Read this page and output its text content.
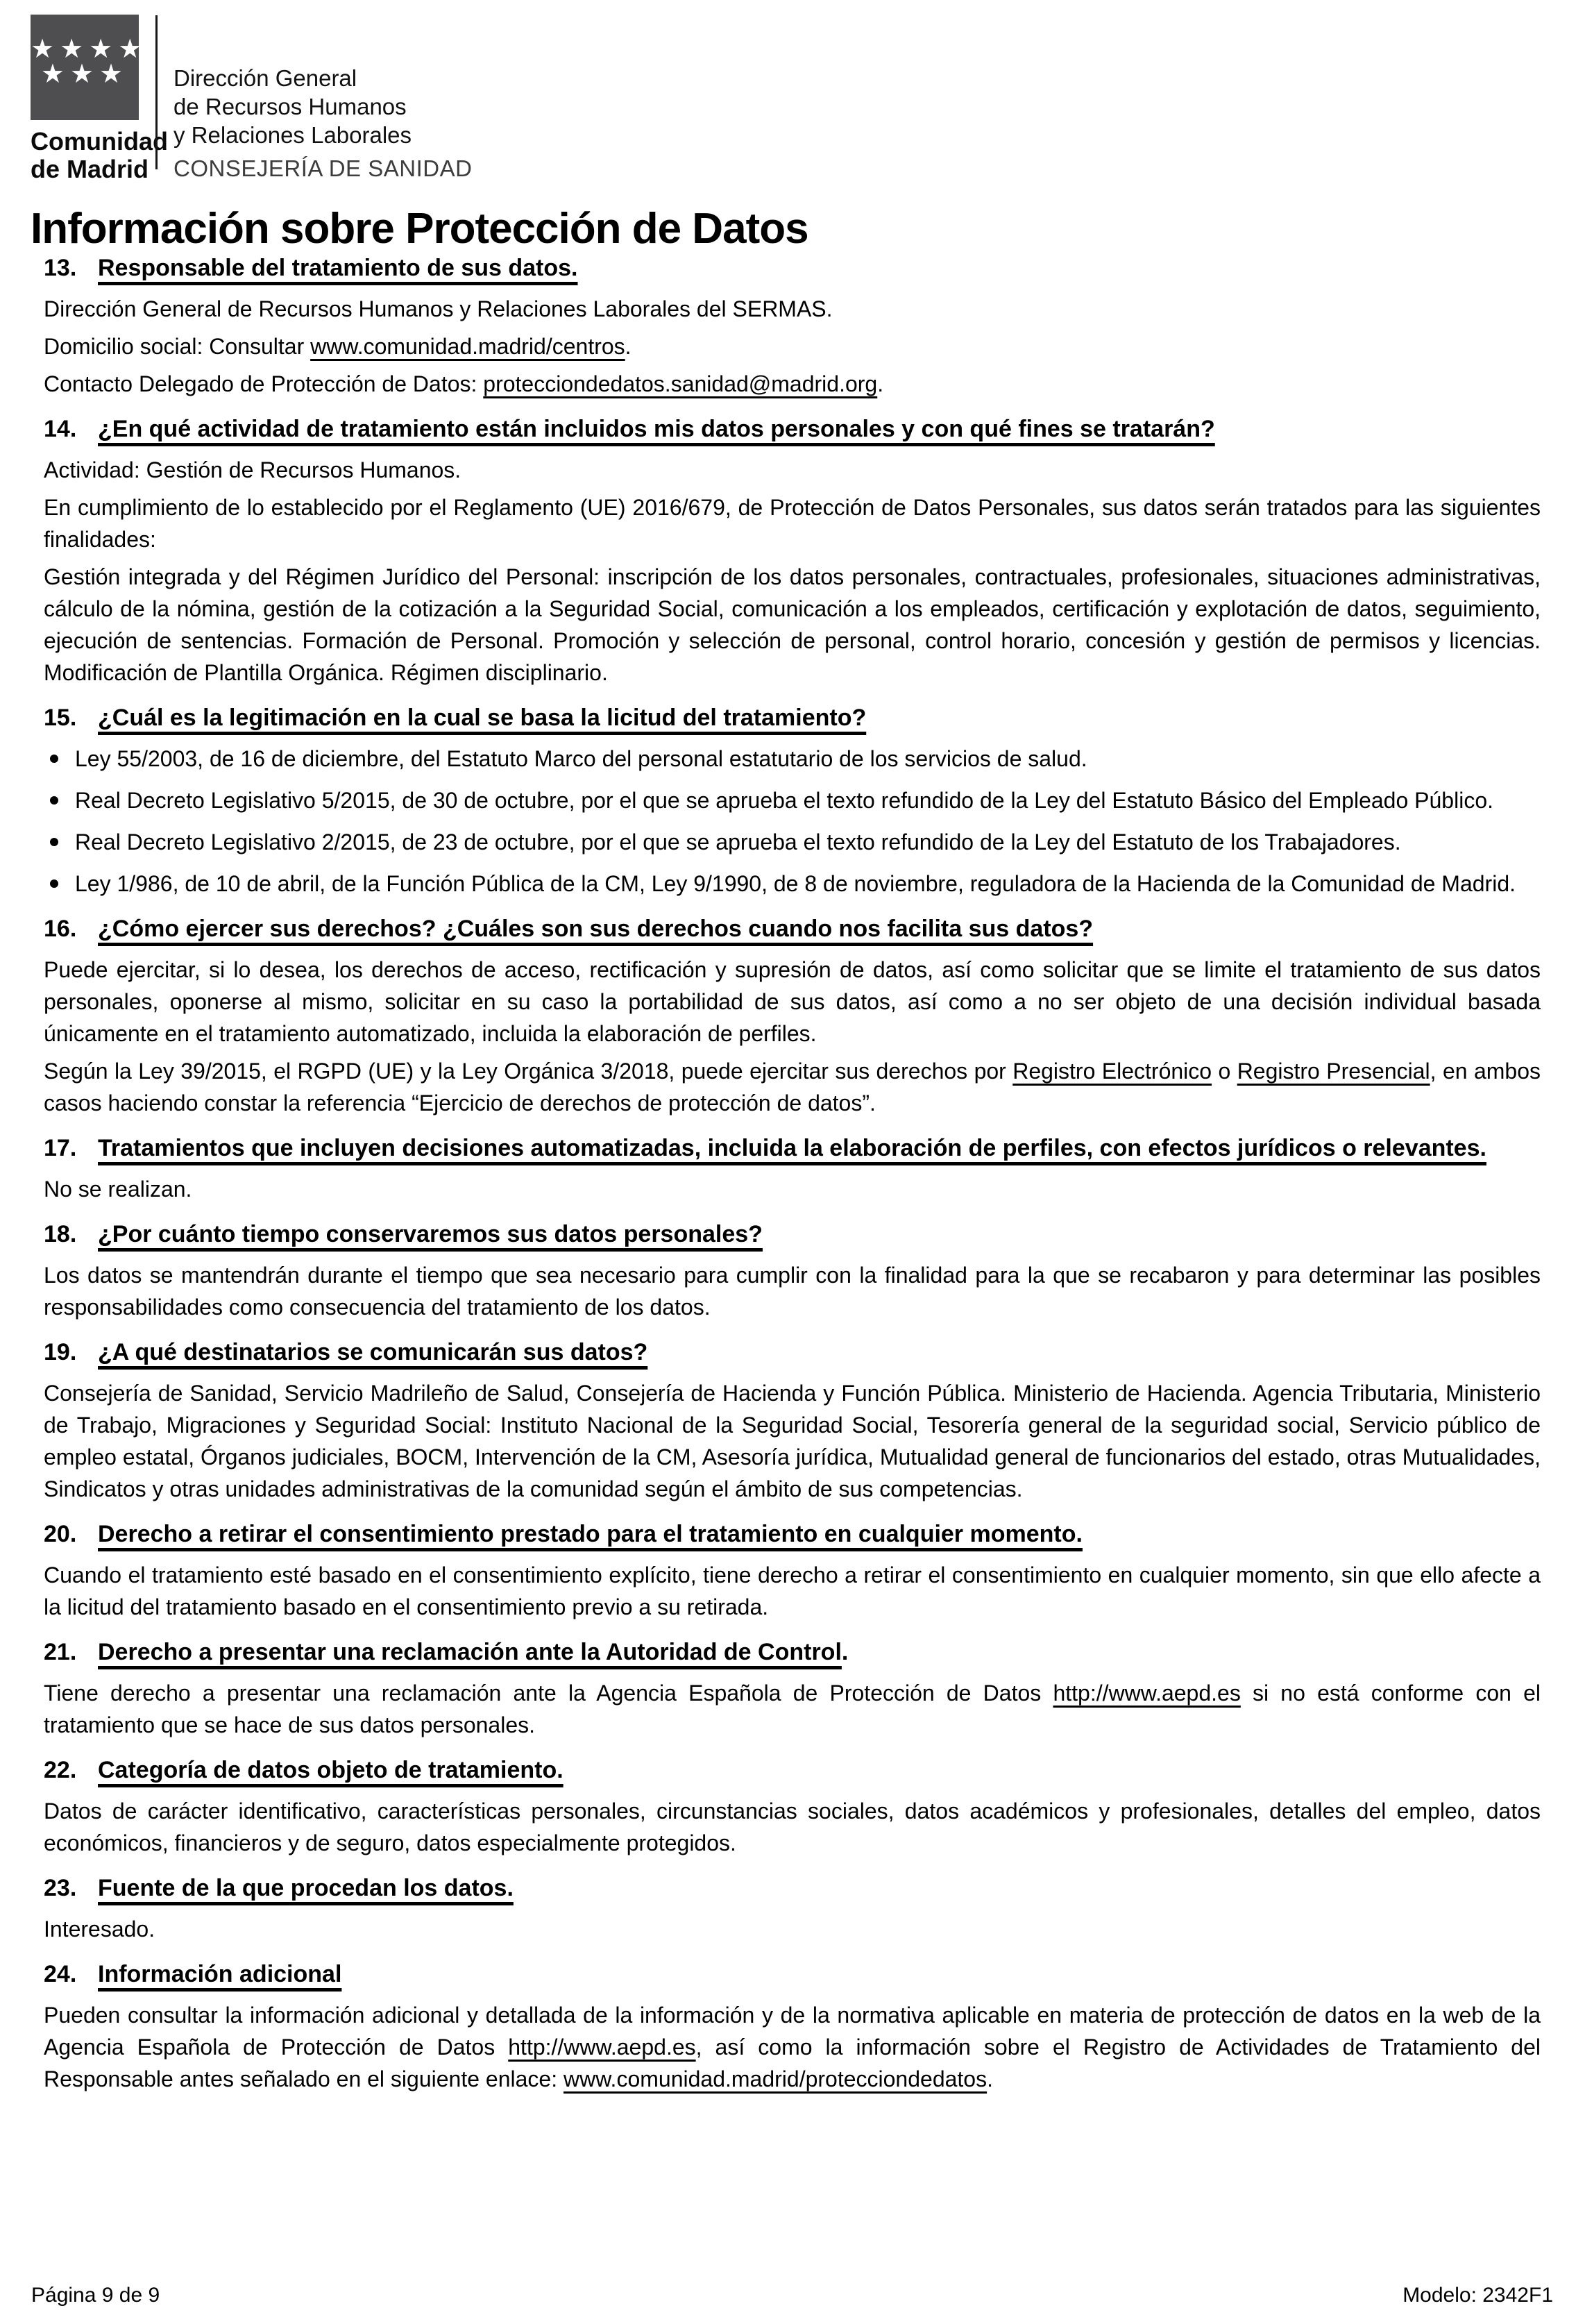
★★★★
★★★
Comunidad
de Madrid
Dirección General
de Recursos Humanos
y Relaciones Laborales
CONSEJERÍA DE SANIDAD
Información sobre Protección de Datos
13. Responsable del tratamiento de sus datos.

Dirección General de Recursos Humanos y Relaciones Laborales del SERMAS.

Domicilio social: Consultar www.comunidad.madrid/centros.

Contacto Delegado de Protección de Datos: protecciondedatos.sanidad@madrid.org.

14. ¿En qué actividad de tratamiento están incluidos mis datos personales y con qué fines se tratarán?

Actividad: Gestión de Recursos Humanos.

En cumplimiento de lo establecido por el Reglamento (UE) 2016/679, de Protección de Datos Personales, sus datos serán tratados para las siguientes finalidades:

Gestión integrada y del Régimen Jurídico del Personal: inscripción de los datos personales, contractuales, profesionales, situaciones administrativas, cálculo de la nómina, gestión de la cotización a la Seguridad Social, comunicación a los empleados, certificación y explotación de datos, seguimiento, ejecución de sentencias. Formación de Personal. Promoción y selección de personal, control horario, concesión y gestión de permisos y licencias. Modificación de Plantilla Orgánica. Régimen disciplinario.

15. ¿Cuál es la legitimación en la cual se basa la licitud del tratamiento?
Ley 55/2003, de 16 de diciembre, del Estatuto Marco del personal estatutario de los servicios de salud.
Real Decreto Legislativo 5/2015, de 30 de octubre, por el que se aprueba el texto refundido de la Ley del Estatuto Básico del Empleado Público.
Real Decreto Legislativo 2/2015, de 23 de octubre, por el que se aprueba el texto refundido de la Ley del Estatuto de los Trabajadores.
Ley 1/986, de 10 de abril, de la Función Pública de la CM, Ley 9/1990, de 8 de noviembre, reguladora de la Hacienda de la Comunidad de Madrid.
16. ¿Cómo ejercer sus derechos? ¿Cuáles son sus derechos cuando nos facilita sus datos?

Puede ejercitar, si lo desea, los derechos de acceso, rectificación y supresión de datos, así como solicitar que se limite el tratamiento de sus datos personales, oponerse al mismo, solicitar en su caso la portabilidad de sus datos, así como a no ser objeto de una decisión individual basada únicamente en el tratamiento automatizado, incluida la elaboración de perfiles.

Según la Ley 39/2015, el RGPD (UE) y la Ley Orgánica 3/2018, puede ejercitar sus derechos por Registro Electrónico o Registro Presencial, en ambos casos haciendo constar la referencia “Ejercicio de derechos de protección de datos”.

17. Tratamientos que incluyen decisiones automatizadas, incluida la elaboración de perfiles, con efectos jurídicos o relevantes.

No se realizan.

18. ¿Por cuánto tiempo conservaremos sus datos personales?

Los datos se mantendrán durante el tiempo que sea necesario para cumplir con la finalidad para la que se recabaron y para determinar las posibles responsabilidades como consecuencia del tratamiento de los datos.

19. ¿A qué destinatarios se comunicarán sus datos?

Consejería de Sanidad, Servicio Madrileño de Salud, Consejería de Hacienda y Función Pública. Ministerio de Hacienda. Agencia Tributaria, Ministerio de Trabajo, Migraciones y Seguridad Social: Instituto Nacional de la Seguridad Social, Tesorería general de la seguridad social, Servicio público de empleo estatal, Órganos judiciales, BOCM, Intervención de la CM, Asesoría jurídica, Mutualidad general de funcionarios del estado, otras Mutualidades, Sindicatos y otras unidades administrativas de la comunidad según el ámbito de sus competencias.

20. Derecho a retirar el consentimiento prestado para el tratamiento en cualquier momento.

Cuando el tratamiento esté basado en el consentimiento explícito, tiene derecho a retirar el consentimiento en cualquier momento, sin que ello afecte a la licitud del tratamiento basado en el consentimiento previo a su retirada.

21. Derecho a presentar una reclamación ante la Autoridad de Control.

Tiene derecho a presentar una reclamación ante la Agencia Española de Protección de Datos http://www.aepd.es si no está conforme con el tratamiento que se hace de sus datos personales.

22. Categoría de datos objeto de tratamiento.

Datos de carácter identificativo, características personales, circunstancias sociales, datos académicos y profesionales, detalles del empleo, datos económicos, financieros y de seguro, datos especialmente protegidos.

23. Fuente de la que procedan los datos.

Interesado.

24. Información adicional

Pueden consultar la información adicional y detallada de la información y de la normativa aplicable en materia de protección de datos en la web de la Agencia Española de Protección de Datos http://www.aepd.es, así como la información sobre el Registro de Actividades de Tratamiento del Responsable antes señalado en el siguiente enlace: www.comunidad.madrid/protecciondedatos.

Página 9 de 9	Modelo: 2342F1
